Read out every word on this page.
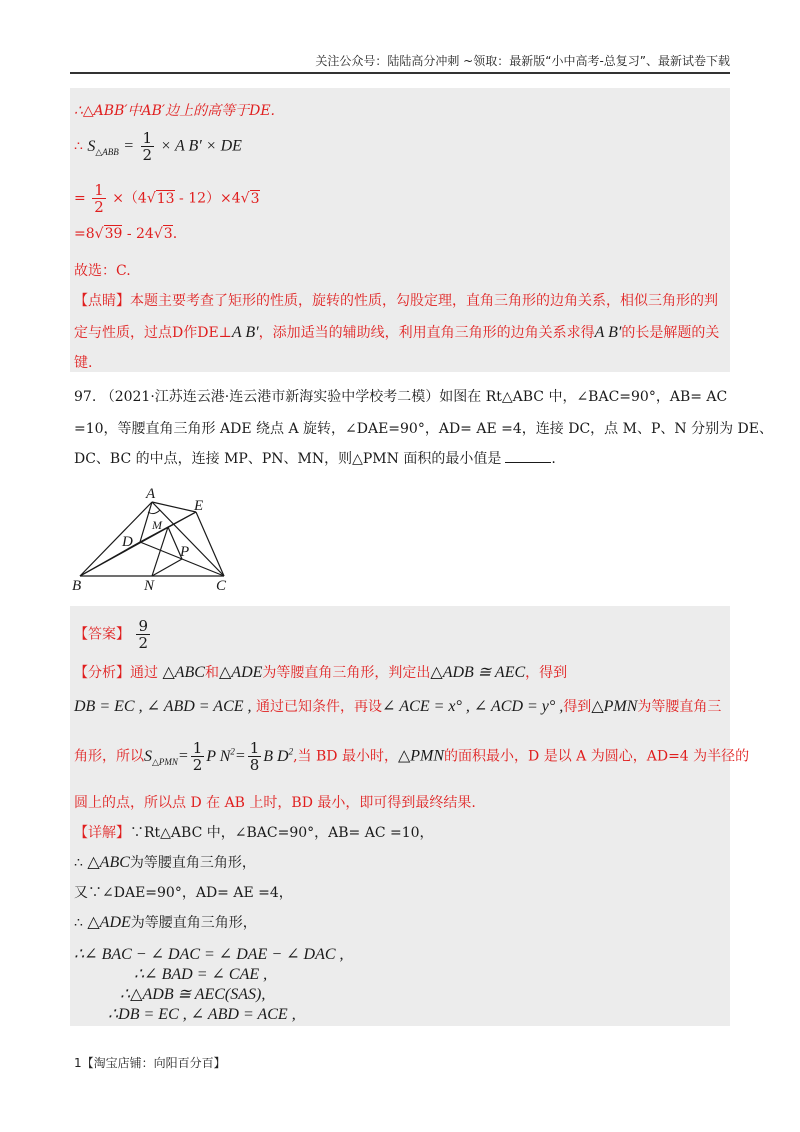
关注公众号：陆陆高分冲刺 ~领取：最新版“小中高考-总复习”、最新试卷下载
∴△ABB′中AB′边上的高等于DE.
∴ $S_{\triangle ABB} = \frac{1}{2} \times A$ B′ × DE
= $\frac{1}{2} \times(4√13 - 12)\times 4√3$
=8√39 - 24√3.
故选：C.
【点睛】本题主要考查了矩形的性质，旋转的性质，勾股定理，直角三角形的边角关系，相似三角形的判
定与性质，过点D作DE⊥A B′，添加适当的辅助线，利用直角三角形的边角关系求得A B′的长是解题的关
键.
97. （2021·江苏连云港·连云港市新海实验中学校考二模）如图在 Rt△ABC 中，∠BAC=90°，AB= AC
=10，等腰直角三角形 ADE 绕点 A 旋转，∠DAE=90°，AD= AE =4，连接 DC，点 M、P、N 分别为 DE、
DC、BC 的中点，连接 MP、PN、MN，则△PMN 面积的最小值是	.
A
E
M
D
P
B	N	C
【答案】 $\frac{9}{2}$
【分析】通过 △ABC和△ADE为等腰直角三角形，判定出△ADB ≅ AEC，得到
DB = EC , ∠ ABD = ACE , 通过已知条件，再设∠ ACE = x° , ∠ ACD = y° ,得到△PMN为等腰直角三
角形，所以$S_{\triangle PMN}= \frac{1}{2}$ P $N^2= \frac{1}{8}$ B $D^2$,当 BD 最小时，△PMN的面积最小，D 是以 A 为圆心，AD=4 为半径的
圆上的点，所以点 D 在 AB 上时，BD 最小，即可得到最终结果.
【详解】∵Rt△ABC 中，∠BAC=90°，AB= AC =10，
∴ △ABC为等腰直角三角形，
又∵∠DAE=90°，AD= AE =4，
∴ △ADE为等腰直角三角形，
∴∠ BAC − ∠ DAC = ∠ DAE − ∠ DAC ,
∴∠ BAD = ∠ CAE ,
∴△ADB ≅ AEC(SAS),
∴DB = EC , ∠ ABD = ACE ,
1【淘宝店铺：向阳百分百】
